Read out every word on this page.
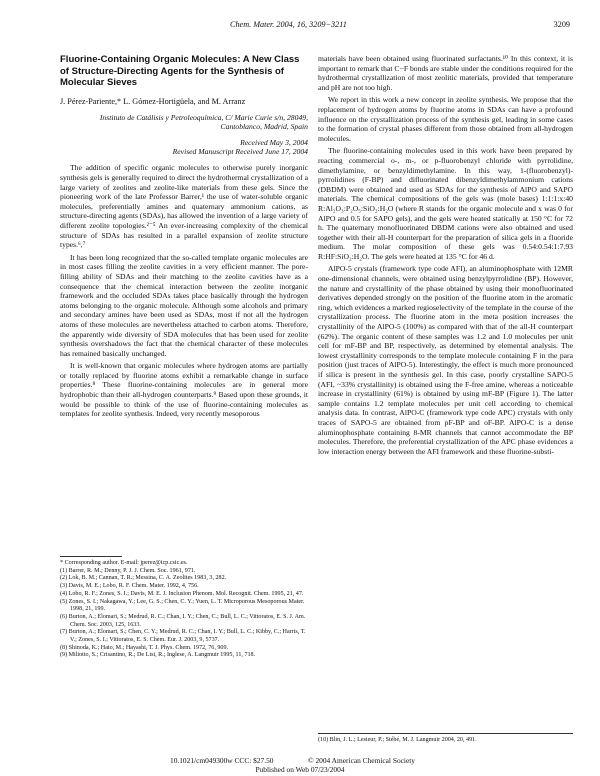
Chem. Mater. 2004, 16, 3209−3211	3209
Fluorine-Containing Organic Molecules: A New Class of Structure-Directing Agents for the Synthesis of Molecular Sieves
J. Pérez-Pariente,* L. Gómez-Hortigüela, and M. Arranz
Instituto de Catálisis y Petroleoquímica, C/ Marie Curie s/n, 28049, Cantoblanco, Madrid, Spain
Received May 3, 2004
Revised Manuscript Received June 17, 2004

The addition of specific organic molecules to otherwise purely inorganic synthesis gels is generally required to direct the hydrothermal crystallization of a large variety of zeolites and zeolite-like materials from these gels. Since the pioneering work of the late Professor Barrer,¹ the use of water-soluble organic molecules, preferentially amines and quaternary ammonium cations, as structure-directing agents (SDAs), has allowed the invention of a large variety of different zeolite topologies.²⁻⁵ An ever-increasing complexity of the chemical structure of SDAs has resulted in a parallel expansion of zeolite structure types.⁶,⁷

It has been long recognized that the so-called template organic molecules are in most cases filling the zeolite cavities in a very efficient manner. The pore-filling ability of SDAs and their matching to the zeolite cavities have as a consequence that the chemical interaction between the zeolite inorganic framework and the occluded SDAs takes place basically through the hydrogen atoms belonging to the organic molecule. Although some alcohols and primary and secondary amines have been used as SDAs, most if not all the hydrogen atoms of these molecules are nevertheless attached to carbon atoms. Therefore, the apparently wide diversity of SDA molecules that has been used for zeolite synthesis overshadows the fact that the chemical character of these molecules has remained basically unchanged.

It is well-known that organic molecules where hydrogen atoms are partially or totally replaced by fluorine atoms exhibit a remarkable change in surface properties.⁸ These fluorine-containing molecules are in general more hydrophobic than their all-hydrogen counterparts.⁹ Based upon these grounds, it would be possible to think of the use of fluorine-containing molecules as templates for zeolite synthesis. Indeed, very recently mesoporous

materials have been obtained using fluorinated surfactants.¹⁰ In this context, it is important to remark that C−F bonds are stable under the conditions required for the hydrothermal crystallization of most zeolitic materials, provided that temperature and pH are not too high.

We report in this work a new concept in zeolite synthesis. We propose that the replacement of hydrogen atoms by fluorine atoms in SDAs can have a profound influence on the crystallization process of the synthesis gel, leading in some cases to the formation of crystal phases different from those obtained from all-hydrogen molecules.

The fluorine-containing molecules used in this work have been prepared by reacting commercial o-, m-, or p-fluorobenzyl chloride with pyrrolidine, dimethylamine, or benzyldimethylamine. In this way, 1-(fluorobenzyl)-pyrrolidines (F-BP) and difluorinated dibenzyldimethylammonium cations (DBDM) were obtained and used as SDAs for the synthesis of AlPO and SAPO materials. The chemical compositions of the gels was (mole bases) 1:1:1:x:40 R:Al₂O₃:P₂O₅:SiO₂:H₂O (where R stands for the organic molecule and x was 0 for AlPO and 0.5 for SAPO gels), and the gels were heated statically at 150 °C for 72 h. The quaternary monofluorinated DBDM cations were also obtained and used together with their all-H counterpart for the preparation of silica gels in a fluoride medium. The molar composition of these gels was 0.54:0.54:1:7.93 R:HF:SiO₂:H₂O. The gels were heated at 135 °C for 46 d.

AlPO-5 crystals (framework type code AFI), an aluminophosphate with 12MR one-dimensional channels, were obtained using benzylpyrrolidine (BP). However, the nature and crystallinity of the phase obtained by using their monofluorinated derivatives depended strongly on the position of the fluorine atom in the aromatic ring, which evidences a marked regioselectivity of the template in the course of the crystallization process. The fluorine atom in the meta position increases the crystallinity of the AlPO-5 (100%) as compared with that of the all-H counterpart (62%). The organic content of these samples was 1.2 and 1.0 molecules per unit cell for mF-BP and BP, respectively, as determined by elemental analysis. The lowest crystallinity corresponds to the template molecule containing F in the para position (just traces of AlPO-5). Interestingly, the effect is much more pronounced if silica is present in the synthesis gel. In this case, poorly crystalline SAPO-5 (AFI, ~33% crystallinity) is obtained using the F-free amine, whereas a noticeable increase in crystallinity (61%) is obtained by using mF-BP (Figure 1). The latter sample contains 1.2 template molecules per unit cell according to chemical analysis data. In contrast, AlPO-C (framework type code APC) crystals with only traces of SAPO-5 are obtained from pF-BP and oF-BP. AlPO-C is a dense aluminophosphate containing 8-MR channels that cannot accommodate the BP molecules. Therefore, the preferential crystallization of the APC phase evidences a low interaction energy between the AFI framework and these fluorine-substi-

* Corresponding author. E-mail: jperez@icp.csic.es.
(1) Barrer, R. M.; Denny, P. J. J. Chem. Soc. 1961, 971.
(2) Lok, B. M.; Cannan, T. R.; Messina, C. A. Zeolites 1983, 3, 282.
(3) Davis, M. E.; Lobo, R. F. Chem. Mater. 1992, 4, 756.
(4) Lobo, R. F.; Zones, S. I.; Davis, M. E. J. Inclusion Phenom. Mol. Recognit. Chem. 1995, 21, 47.
(5) Zones, S. I.; Nakagawa, Y.; Lee, G. S.; Chen, C. Y.; Yuen, L. T. Microporous Mesoporous Mater. 1998, 21, 199.
(6) Burton, A.; Elomari, S.; Medrud, R. C.; Chan, I. Y.; Chen, C.; Bull, L. C.; Vittoratos, E. S. J. Am. Chem. Soc. 2003, 125, 1633.
(7) Burton, A.; Elomari, S.; Chen, C. Y.; Medrud, R. C.; Chan, I. Y.; Bull, L. C.; Kibby, C.; Harris, T. V.; Zones, S. I.; Vittoratos, E. S. Chem. Eur. J. 2003, 9, 5737.
(8) Shinoda, K.; Hato, M.; Hayashi, T. J. Phys. Chem. 1972, 76, 909.
(9) Miliotto, S.; Crisantino, R.; De Lisi, R.; Inglese, A. Langmuir 1995, 11, 718.
(10) Blin, J. L.; Lesieur, P.; Stébé, M. J. Langmuir 2004, 20, 491.
10.1021/cm049300w CCC: $27.50	© 2004 American Chemical Society
Published on Web 07/23/2004
